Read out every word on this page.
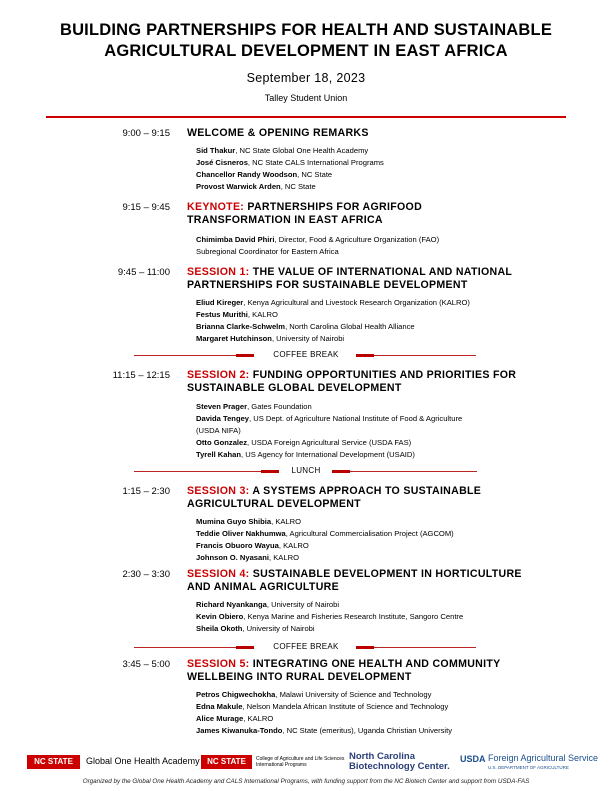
BUILDING PARTNERSHIPS FOR HEALTH AND SUSTAINABLE
AGRICULTURAL DEVELOPMENT IN EAST AFRICA
September 18, 2023
Talley Student Union
9:00 – 9:15 WELCOME & OPENING REMARKS
Sid Thakur, NC State Global One Health Academy
José Cisneros, NC State CALS International Programs
Chancellor Randy Woodson, NC State
Provost Warwick Arden, NC State
9:15 – 9:45 KEYNOTE: PARTNERSHIPS FOR AGRIFOOD
TRANSFORMATION IN EAST AFRICA
Chimimba David Phiri, Director, Food & Agriculture Organization (FAO)
Subregional Coordinator for Eastern Africa
9:45 – 11:00 SESSION 1: THE VALUE OF INTERNATIONAL AND NATIONAL
PARTNERSHIPS FOR SUSTAINABLE DEVELOPMENT
Eliud Kireger, Kenya Agricultural and Livestock Research Organization (KALRO)
Festus Murithi, KALRO
Brianna Clarke-Schwelm, North Carolina Global Health Alliance
Margaret Hutchinson, University of Nairobi
COFFEE BREAK
11:15 – 12:15 SESSION 2: FUNDING OPPORTUNITIES AND PRIORITIES FOR
SUSTAINABLE GLOBAL DEVELOPMENT
Steven Prager, Gates Foundation
Davida Tengey, US Dept. of Agriculture National Institute of Food & Agriculture
(USDA NIFA)
Otto Gonzalez, USDA Foreign Agricultural Service (USDA FAS)
Tyrell Kahan, US Agency for International Development (USAID)
LUNCH
1:15 – 2:30 SESSION 3: A SYSTEMS APPROACH TO SUSTAINABLE
AGRICULTURAL DEVELOPMENT
Mumina Guyo Shibia, KALRO
Teddie Oliver Nakhumwa, Agricultural Commercialisation Project (AGCOM)
Francis Obuoro Wayua, KALRO
Johnson O. Nyasani, KALRO
2:30 – 3:30 SESSION 4: SUSTAINABLE DEVELOPMENT IN HORTICULTURE
AND ANIMAL AGRICULTURE
Richard Nyankanga, University of Nairobi
Kevin Obiero, Kenya Marine and Fisheries Research Institute, Sangoro Centre
Sheila Okoth, University of Nairobi
COFFEE BREAK
3:45 – 5:00 SESSION 5: INTEGRATING ONE HEALTH AND COMMUNITY
WELLBEING INTO RURAL DEVELOPMENT
Petros Chigwechokha, Malawi University of Science and Technology
Edna Makule, Nelson Mandela African Institute of Science and Technology
Alice Murage, KALRO
James Kiwanuka-Tondo, NC State (emeritus), Uganda Christian University
NC STATE	Global One Health Academy NC STATE	College of Agriculture and Life Sciences
International Programs
North Carolina
Biotechnology Center.
USDA Foreign Agricultural Service
U.S. DEPARTMENT OF AGRICULTURE
Organized by the Global One Health Academy and CALS International Programs, with funding support from the NC Biotech Center and support from USDA-FAS
